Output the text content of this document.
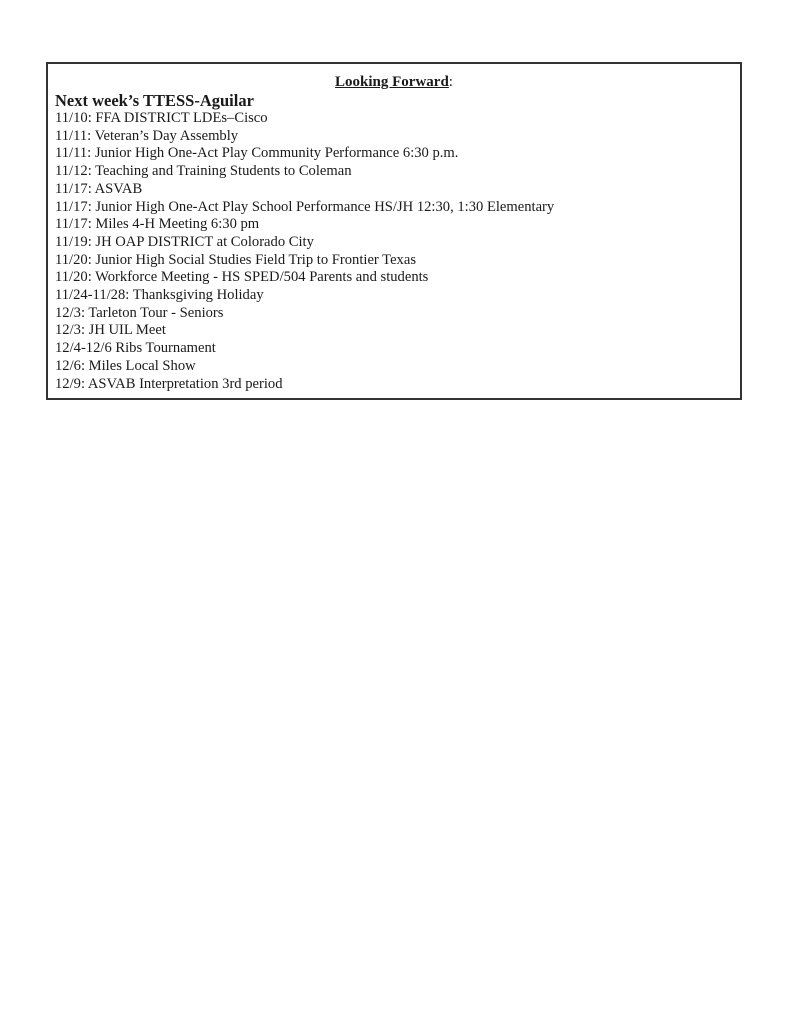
Looking Forward:
Next week’s TTESS-Aguilar
11/10: FFA DISTRICT LDEs–Cisco
11/11: Veteran’s Day Assembly
11/11: Junior High One-Act Play Community Performance 6:30 p.m.
11/12: Teaching and Training Students to Coleman
11/17: ASVAB
11/17: Junior High One-Act Play School Performance HS/JH 12:30, 1:30 Elementary
11/17: Miles 4-H Meeting 6:30 pm
11/19: JH OAP DISTRICT at Colorado City
11/20: Junior High Social Studies Field Trip to Frontier Texas
11/20: Workforce Meeting - HS SPED/504 Parents and students
11/24-11/28: Thanksgiving Holiday
12/3: Tarleton Tour - Seniors
12/3: JH UIL Meet
12/4-12/6 Ribs Tournament
12/6: Miles Local Show
12/9: ASVAB Interpretation 3rd period
